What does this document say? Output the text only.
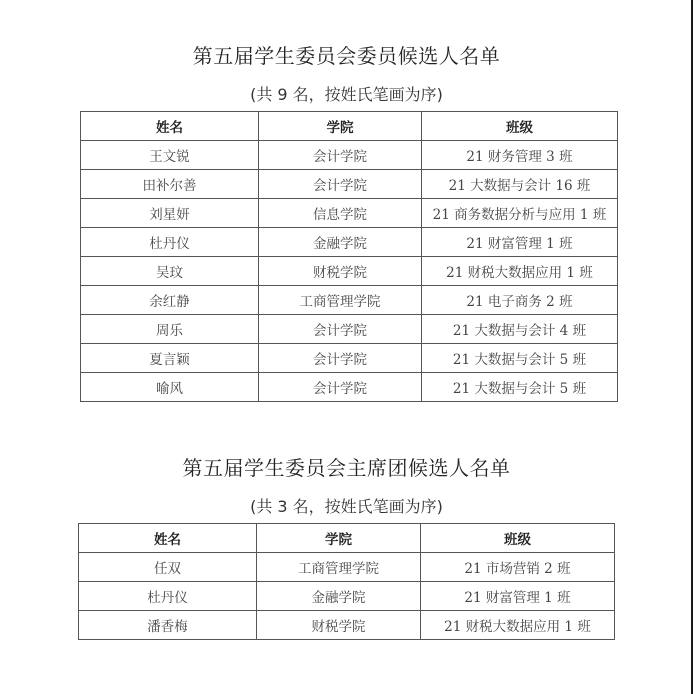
第五届学生委员会委员候选人名单
(共 9 名，按姓氏笔画为序)
姓名	学院	班级
王文锐	会计学院	21 财务管理 3 班
田补尔善	会计学院	21 大数据与会计 16 班
刘星妍	信息学院	21 商务数据分析与应用 1 班
杜丹仪	金融学院	21 财富管理 1 班
吴玟	财税学院	21 财税大数据应用 1 班
余红静	工商管理学院	21 电子商务 2 班
周乐	会计学院	21 大数据与会计 4 班
夏言颖	会计学院	21 大数据与会计 5 班
喻风	会计学院	21 大数据与会计 5 班
第五届学生委员会主席团候选人名单
(共 3 名，按姓氏笔画为序)
姓名	学院	班级
任双	工商管理学院	21 市场营销 2 班
杜丹仪	金融学院	21 财富管理 1 班
潘香梅	财税学院	21 财税大数据应用 1 班
